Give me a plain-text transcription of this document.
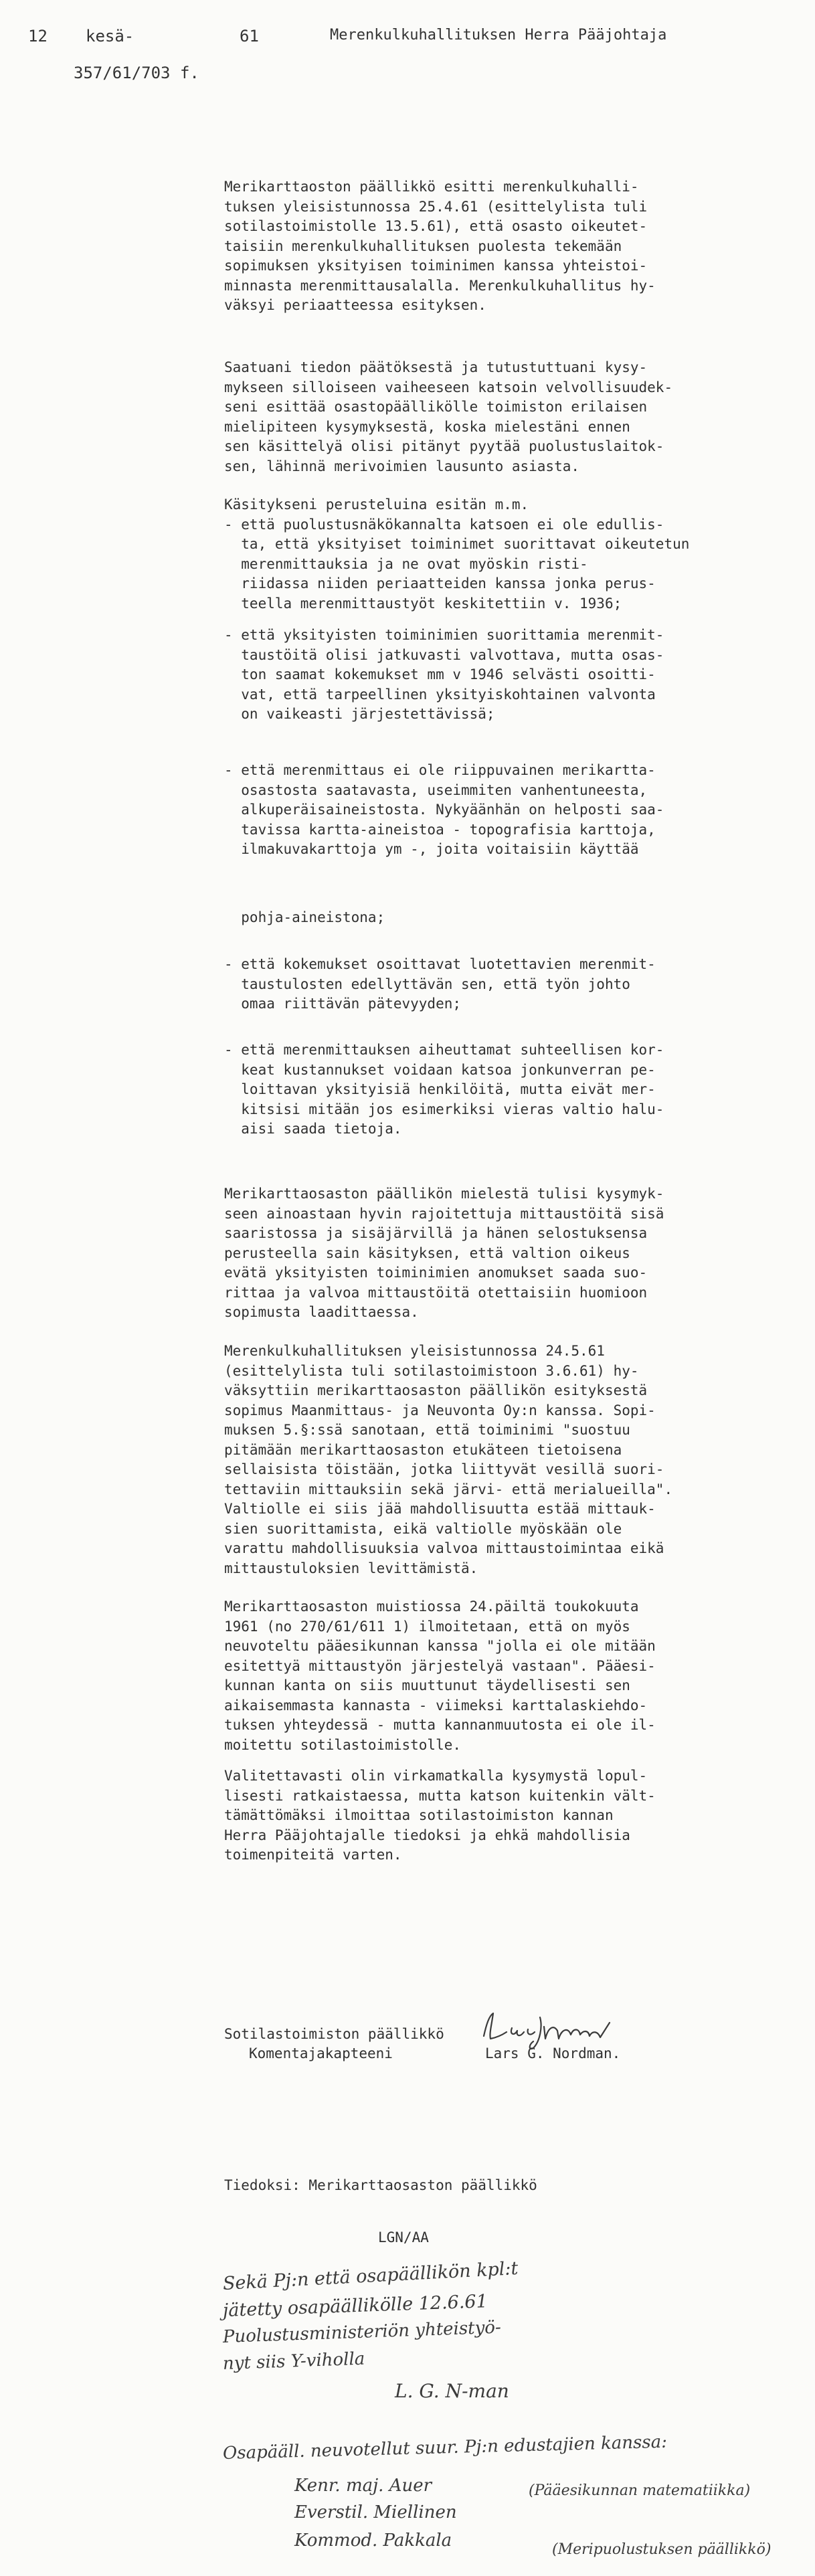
12 kesä-	61	Merenkulkuhallituksen Herra Pääjohtaja
357/61/703 f.

Merikarttaoston päällikkö esitti merenkulkuhalli-

tuksen yleisistunnossa 25.4.61 (esittelylista tuli

sotilastoimistolle 13.5.61), että osasto oikeutet-

taisiin merenkulkuhallituksen puolesta tekemään

sopimuksen yksityisen toiminimen kanssa yhteistoi-

minnasta merenmittausalalla. Merenkulkuhallitus hy-

väksyi periaatteessa esityksen.

Saatuani tiedon päätöksestä ja tutustuttuani kysy-

mykseen silloiseen vaiheeseen katsoin velvollisuudek-

seni esittää osastopäällikölle toimiston erilaisen

mielipiteen kysymyksestä, koska mielestäni ennen

sen käsittelyä olisi pitänyt pyytää puolustuslaitok-

sen, lähinnä merivoimien lausunto asiasta.

Käsitykseni perusteluina esitän m.m.

- että puolustusnäkökannalta katsoen ei ole edullis-

ta, että yksityiset toiminimet suorittavat oikeutetun

merenmittauksia ja ne ovat myöskin risti-

riidassa niiden periaatteiden kanssa jonka perus-

teella merenmittaustyöt keskitettiin v. 1936;

- että yksityisten toiminimien suorittamia merenmit-

taustöitä olisi jatkuvasti valvottava, mutta osas-

ton saamat kokemukset mm v 1946 selvästi osoitti-

vat, että tarpeellinen yksityiskohtainen valvonta

on vaikeasti järjestettävissä;

- että merenmittaus ei ole riippuvainen merikartta-

osastosta saatavasta, useimmiten vanhentuneesta,

alkuperäisaineistosta. Nykyäänhän on helposti saa-

tavissa kartta-aineistoa - topografisia karttoja,

ilmakuvakarttoja ym -, joita voitaisiin käyttää

pohja-aineistona;

- että kokemukset osoittavat luotettavien merenmit-

taustulosten edellyttävän sen, että työn johto

omaa riittävän pätevyyden;

- että merenmittauksen aiheuttamat suhteellisen kor-

keat kustannukset voidaan katsoa jonkunverran pe-

loittavan yksityisiä henkilöitä, mutta eivät mer-

kitsisi mitään jos esimerkiksi vieras valtio halu-

aisi saada tietoja.

Merikarttaosaston päällikön mielestä tulisi kysymyk-

seen ainoastaan hyvin rajoitettuja mittaustöitä sisä

saaristossa ja sisäjärvillä ja hänen selostuksensa

perusteella sain käsityksen, että valtion oikeus

evätä yksityisten toiminimien anomukset saada suo-

rittaa ja valvoa mittaustöitä otettaisiin huomioon

sopimusta laadittaessa.

Merenkulkuhallituksen yleisistunnossa 24.5.61

(esittelylista tuli sotilastoimistoon 3.6.61) hy-

väksyttiin merikarttaosaston päällikön esityksestä

sopimus Maanmittaus- ja Neuvonta Oy:n kanssa. Sopi-

muksen 5.§:ssä sanotaan, että toiminimi "suostuu

pitämään merikarttaosaston etukäteen tietoisena

sellaisista töistään, jotka liittyvät vesillä suori-

tettaviin mittauksiin sekä järvi- että merialueilla".

Valtiolle ei siis jää mahdollisuutta estää mittauk-

sien suorittamista, eikä valtiolle myöskään ole

varattu mahdollisuuksia valvoa mittaustoimintaa eikä

mittaustuloksien levittämistä.

Merikarttaosaston muistiossa 24.päiltä toukokuuta

1961 (no 270/61/611 1) ilmoitetaan, että on myös

neuvoteltu pääesikunnan kanssa "jolla ei ole mitään

esitettyä mittaustyön järjestelyä vastaan". Pääesi-

kunnan kanta on siis muuttunut täydellisesti sen

aikaisemmasta kannasta - viimeksi karttalaskiehdo-

tuksen yhteydessä - mutta kannanmuutosta ei ole il-

moitettu sotilastoimistolle.

Valitettavasti olin virkamatkalla kysymystä lopul-

lisesti ratkaistaessa, mutta katson kuitenkin vält-

tämättömäksi ilmoittaa sotilastoimiston kannan

Herra Pääjohtajalle tiedoksi ja ehkä mahdollisia

toimenpiteitä varten.

Sotilastoimiston päällikkö
Komentajakapteeni	Lars G. Nordman.
Tiedoksi: Merikarttaosaston päällikkö
LGN/AA
Sekä Pj:n että osapäällikön kpl:t
jätetty osapäällikölle 12.6.61
Puolustusministeriön yhteistyö-
nyt siis Y-viholla
L. G. N-man
Osapääll. neuvotellut suur. Pj:n edustajien kanssa:
Kenr. maj. Auer	(Pääesikunnan matematiikka)
Everstil. Miellinen
Kommod. Pakkala	(Meripuolustuksen päällikkö)
